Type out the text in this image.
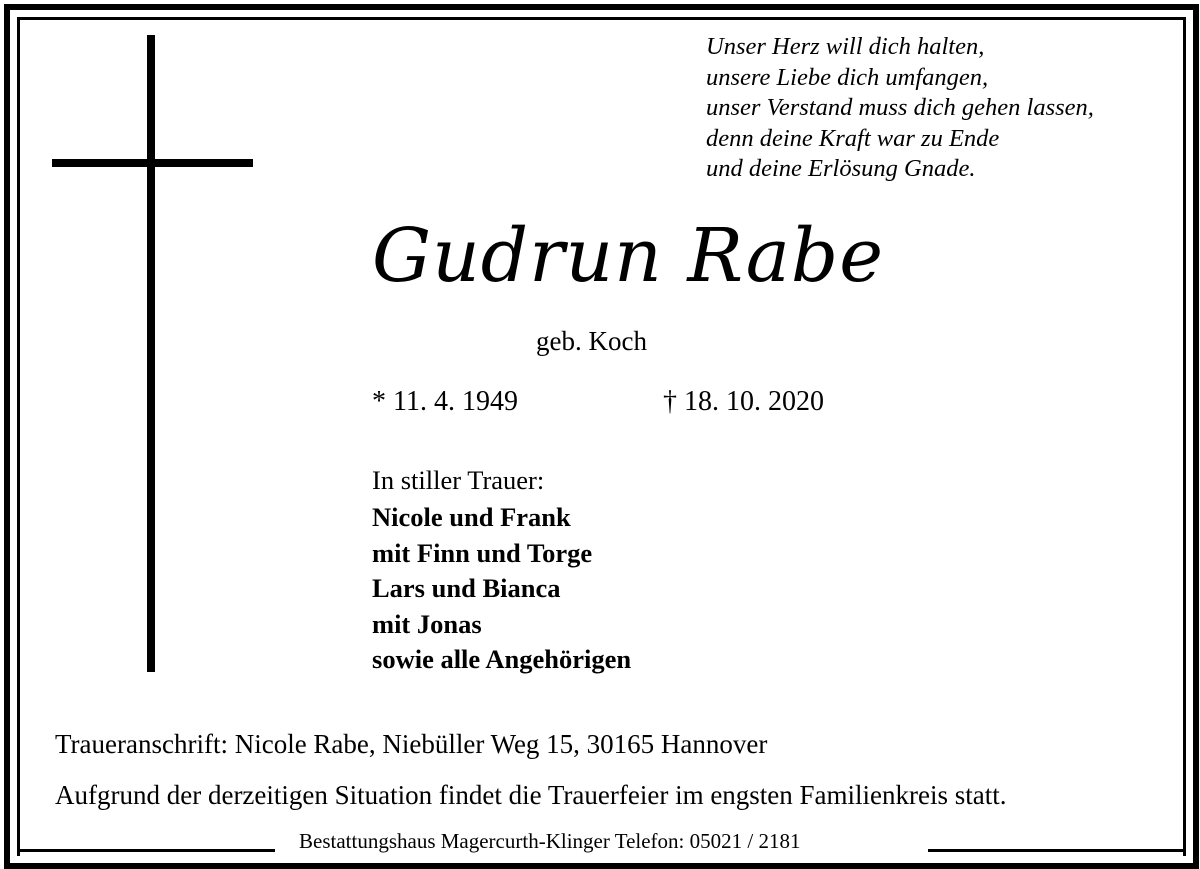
Unser Herz will dich halten,
unsere Liebe dich umfangen,
unser Verstand muss dich gehen lassen,
denn deine Kraft war zu Ende
und deine Erlösung Gnade.
Gudrun Rabe
geb. Koch
* 11. 4. 1949	† 18. 10. 2020
In stiller Trauer:
Nicole und Frank
mit Finn und Torge
Lars und Bianca
mit Jonas
sowie alle Angehörigen
Traueranschrift: Nicole Rabe, Niebüller Weg 15, 30165 Hannover
Aufgrund der derzeitigen Situation findet die Trauerfeier im engsten Familienkreis statt.
Bestattungshaus Magercurth-Klinger Telefon: 05021 / 2181
